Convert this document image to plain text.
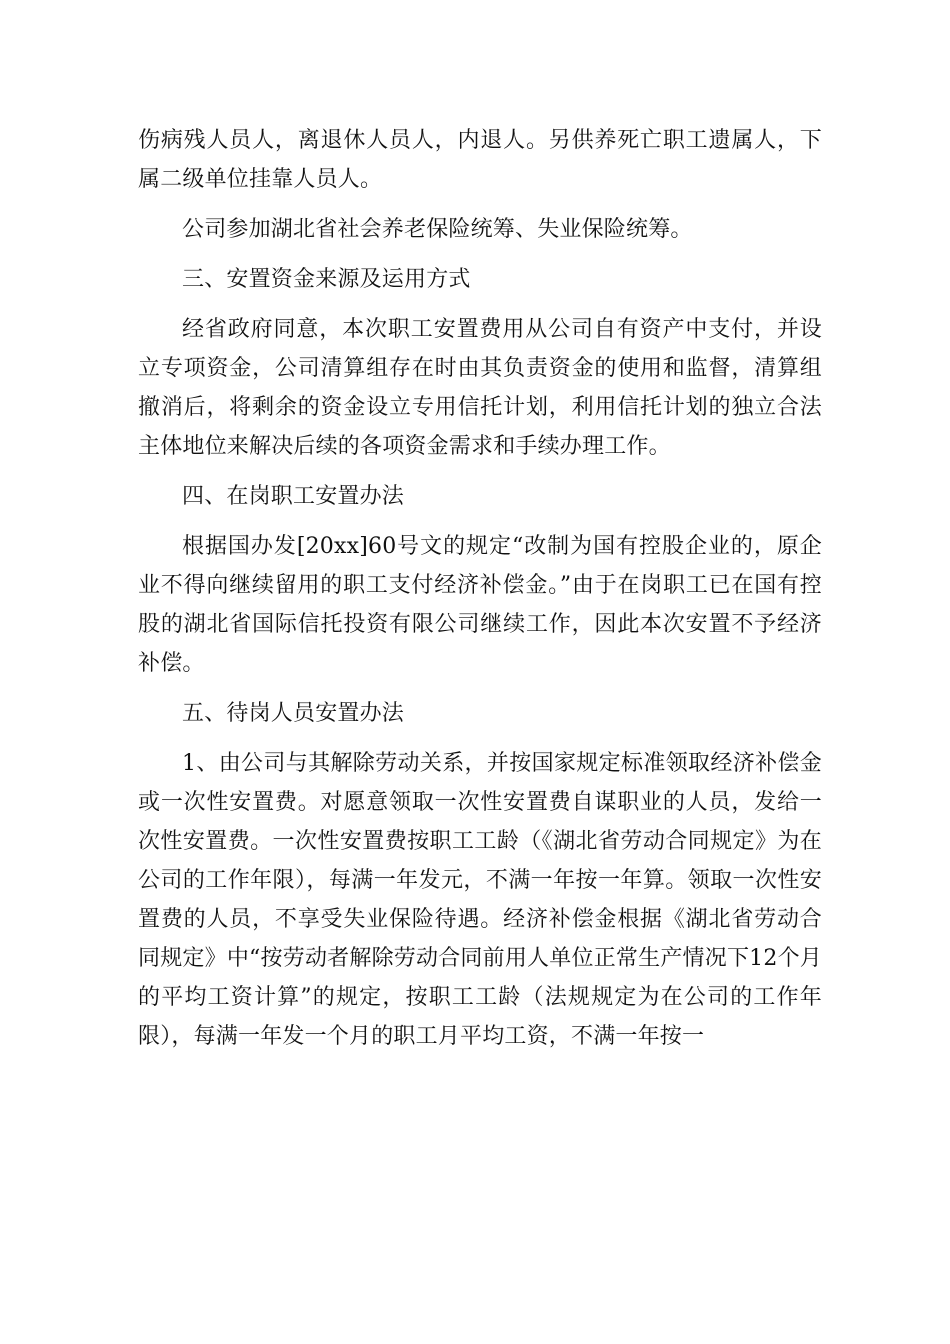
伤病残人员人，离退休人员人，内退人。另供养死亡职工遗属人，下属二级单位挂靠人员人。

公司参加湖北省社会养老保险统筹、失业保险统筹。

三、安置资金来源及运用方式

经省政府同意，本次职工安置费用从公司自有资产中支付，并设立专项资金，公司清算组存在时由其负责资金的使用和监督，清算组撤消后，将剩余的资金设立专用信托计划，利用信托计划的独立合法主体地位来解决后续的各项资金需求和手续办理工作。

四、在岗职工安置办法

根据国办发[20xx]60号文的规定“改制为国有控股企业的，原企业不得向继续留用的职工支付经济补偿金。”由于在岗职工已在国有控股的湖北省国际信托投资有限公司继续工作，因此本次安置不予经济补偿。

五、待岗人员安置办法

1、由公司与其解除劳动关系，并按国家规定标准领取经济补偿金或一次性安置费。对愿意领取一次性安置费自谋职业的人员，发给一次性安置费。一次性安置费按职工工龄（《湖北省劳动合同规定》为在公司的工作年限），每满一年发元，不满一年按一年算。领取一次性安置费的人员，不享受失业保险待遇。经济补偿金根据《湖北省劳动合同规定》中“按劳动者解除劳动合同前用人单位正常生产情况下12个月的平均工资计算”的规定，按职工工龄（法规规定为在公司的工作年限），每满一年发一个月的职工月平均工资，不满一年按一
